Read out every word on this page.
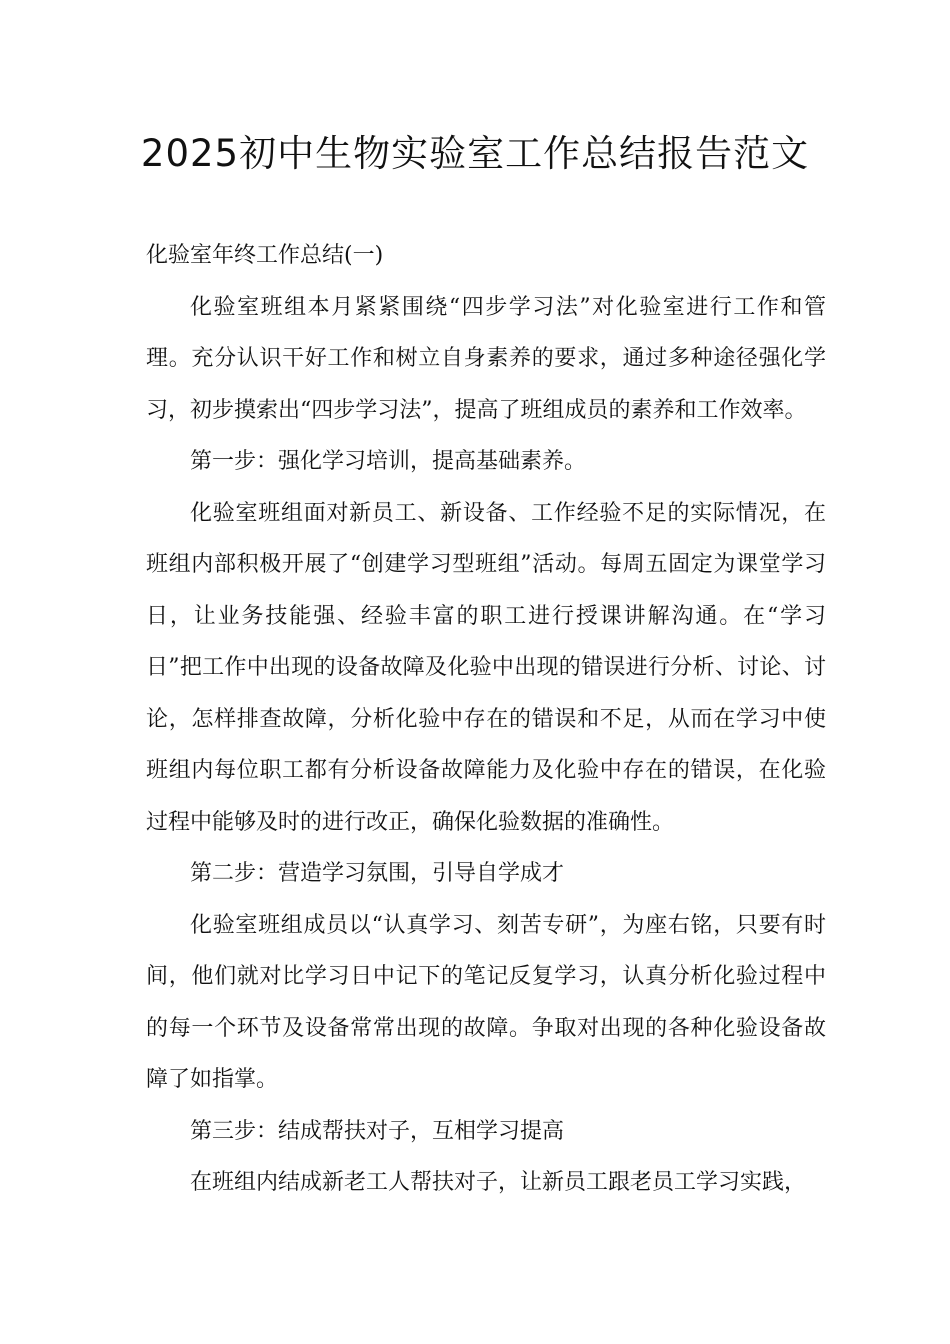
2025初中生物实验室工作总结报告范文

化验室年终工作总结(一)

化验室班组本月紧紧围绕“四步学习法”对化验室进行工作和管理。充分认识干好工作和树立自身素养的要求，通过多种途径强化学习，初步摸索出“四步学习法”，提高了班组成员的素养和工作效率。

第一步：强化学习培训，提高基础素养。

化验室班组面对新员工、新设备、工作经验不足的实际情况，在班组内部积极开展了“创建学习型班组”活动。每周五固定为课堂学习日，让业务技能强、经验丰富的职工进行授课讲解沟通。在“学习日”把工作中出现的设备故障及化验中出现的错误进行分析、讨论、讨论，怎样排查故障，分析化验中存在的错误和不足，从而在学习中使班组内每位职工都有分析设备故障能力及化验中存在的错误，在化验过程中能够及时的进行改正，确保化验数据的准确性。

第二步：营造学习氛围，引导自学成才

化验室班组成员以“认真学习、刻苦专研”，为座右铭，只要有时间，他们就对比学习日中记下的笔记反复学习，认真分析化验过程中的每一个环节及设备常常出现的故障。争取对出现的各种化验设备故障了如指掌。

第三步：结成帮扶对子，互相学习提高

在班组内结成新老工人帮扶对子，让新员工跟老员工学习实践，
